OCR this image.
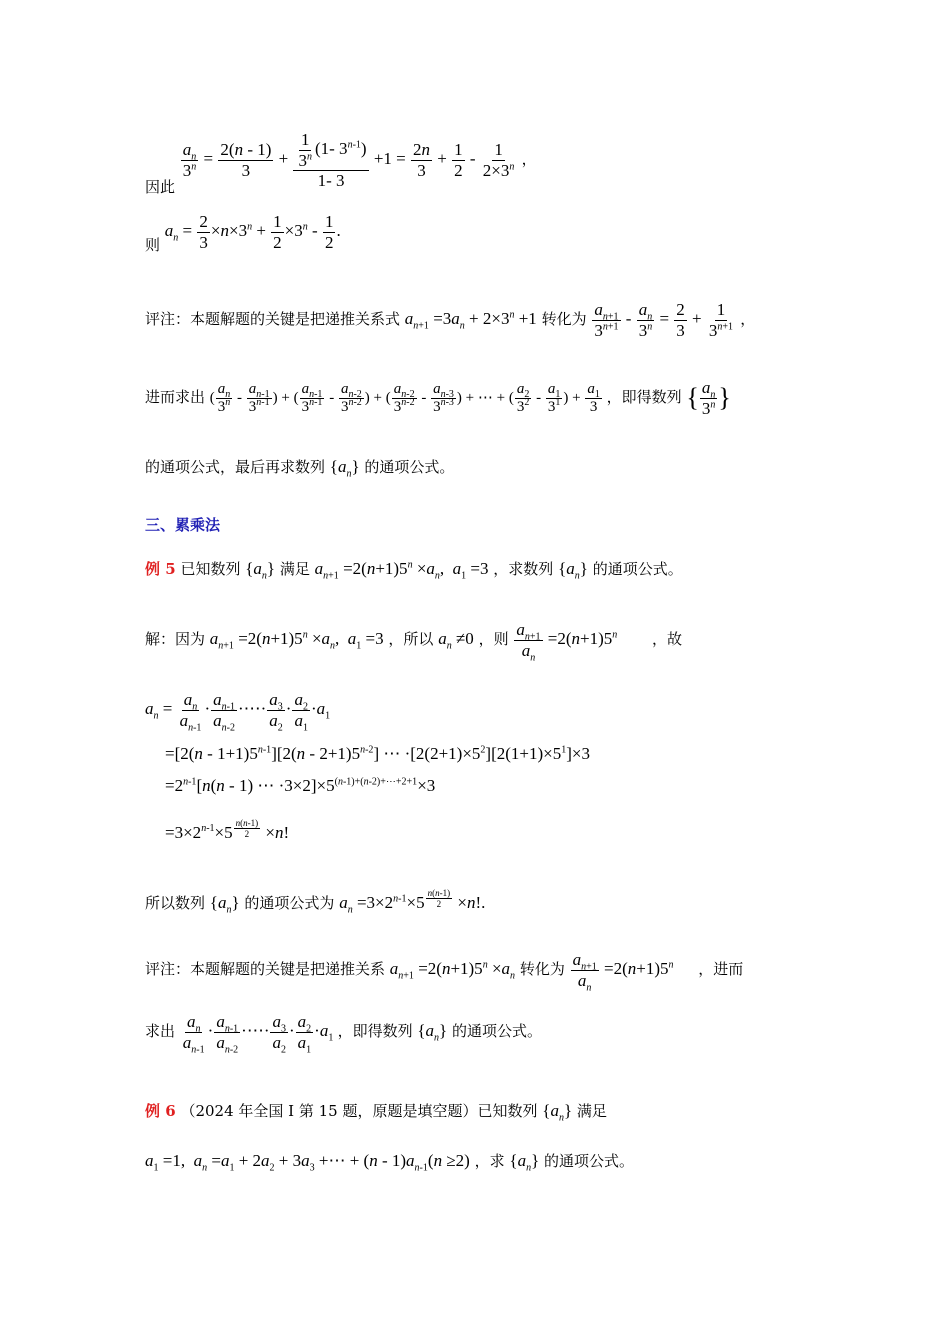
因此
$\frac{a_n}{3^n} = \frac{2(n - 1)}{3} + \frac{\frac{1}{3^n} (1- 3^{n-1})}{1- 3} +1 = \frac{2n}{3} + \frac{1}{2} - \frac{1}{2\times 3^n}$ ，
则 $a_n = \frac{2}{3} \times n\times 3^n + \frac{1}{2} \times 3^n - \frac{1}{2}$ .
评注：本题解题的关键是把递推关系式 $a_{n+1} =3a_n + 2\times 3^n +1$ 转化为 $\frac{a_{n+1}}{3^{n+1}} - \frac{a_n}{3^n} = \frac{2}{3} + \frac{1}{3^{n+1}}$ ，
进而求出 ( $\frac{a_n}{3^n} - \frac{a_{n-1}}{3^{n-1}}$ ) + ( $\frac{a_{n-1}}{3^{n-1}} - \frac{a_{n-2}}{3^{n-2}}$ ) + ( $\frac{a_{n-2}}{3^{n-2}} - \frac{a_{n-3}}{3^{n-3}}$ ) + ⋯ + ( $\frac{a_2}{3^2} - \frac{a_1}{3^1}$ ) + $\frac{a_1}{3}$ ，即得数列 { $\frac{a_n}{3^n}$ }
的通项公式，最后再求数列 $\{a_n\}$ 的通项公式。
三、累乘法
例 5 已知数列 $\{a_n\}$ 满足 $a_{n+1} =2(n+1)5^n \times a_n$,  $a_1 =3$ ，求数列 $\{a_n\}$ 的通项公式。
解：因为 $a_{n+1} =2(n+1)5^n \times a_n$,  $a_1 =3$ ，所以 $a_n \ne 0$ ，则 $\frac{a_{n+1}}{a_n} =2(n+1)5^n$ ，故
$a_n = \frac{a_n}{a_{n-1}} \cdot \frac{a_{n-1}}{a_{n-2}}$ ·⋯· $\frac{a_3}{a_2} \cdot \frac{a_2}{a_1} \cdot a_1$
$=[2(n - 1+1)5^{n-1}][2(n - 2+1)5^{n-2}]$ ⋯ $\cdot[2(2+1)\times 5^2][2(1+1)\times 5^1]\times 3$
$=2^{n-1}[n(n - 1)$ ⋯ $\cdot 3\times 2]\times 5^{(n-1)+(n-2)+\cdots+2+1}\times 3$
$=3\times 2^{n-1}\times 5$ $^{\frac{n(n-1)}{2}}$ ×n!
所以数列 $\{a_n\}$ 的通项公式为 $a_n =3\times 2^{n-1}\times 5$ $^{\frac{n(n-1)}{2}}$ ×n!.
评注：本题解题的关键是把递推关系 $a_{n+1} =2(n+1)5^n \times a_n$ 转化为 $\frac{a_{n+1}}{a_n} =2(n+1)5^n$ ，进而
求出 $\frac{a_n}{a_{n-1}} \cdot \frac{a_{n-1}}{a_{n-2}}$ ·⋯· $\frac{a_3}{a_2} \cdot \frac{a_2}{a_1} \cdot a_1$ ，即得数列 $\{a_n\}$ 的通项公式。
例 6 （2024 年全国 I 第 15 题，原题是填空题）已知数列 $\{a_n\}$ 满足
$a_1 =1$,  $a_n =a_1 + 2a_2 + 3a_3$ +⋯ + $(n - 1)a_{n-1}(n \ge 2)$ ，求 $\{a_n\}$ 的通项公式。
